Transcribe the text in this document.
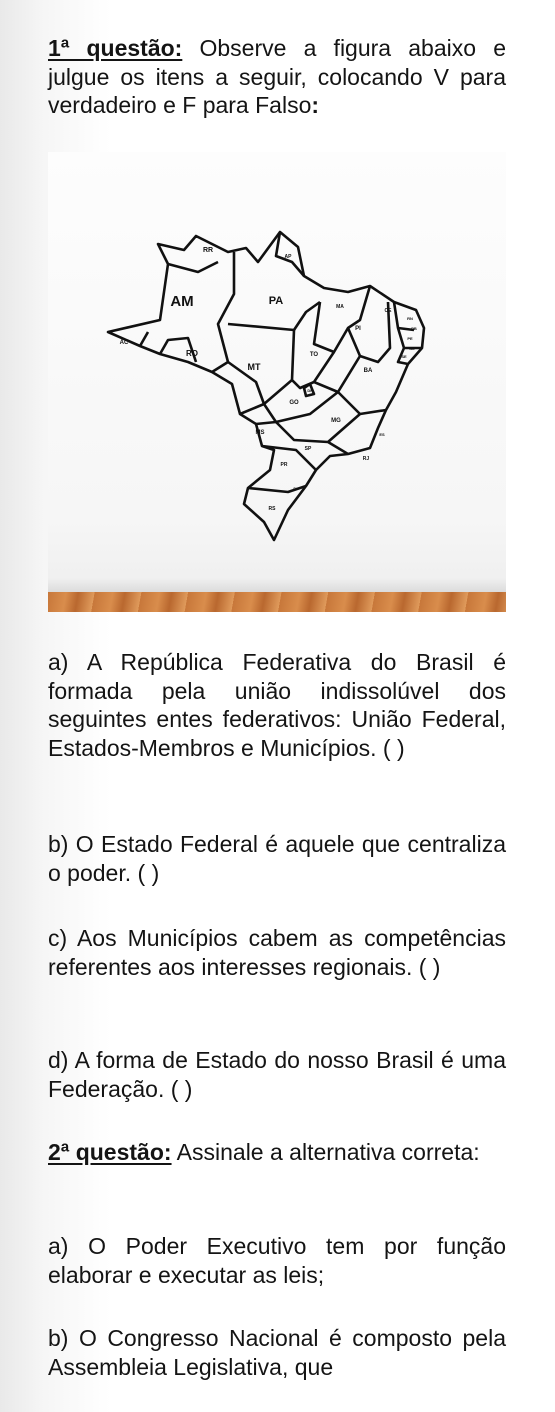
1ª questão: Observe a figura abaixo e julgue os itens a seguir, colocando V para verdadeiro e F para Falso:

RR
AP
AM	PA	MA
CE
RN
PB
PE
AL
SE
PI
AC
RO	TO
MT	BA
DF
GO
MG
ES
MS
SP
RJ
PR
SC
RS

a) A República Federativa do Brasil é formada pela união indissolúvel dos seguintes entes federativos: União Federal, Estados-Membros e Municípios. ( )

b) O Estado Federal é aquele que centraliza o poder. ( )

c) Aos Municípios cabem as competências referentes aos interesses regionais. ( )

d) A forma de Estado do nosso Brasil é uma Federação. ( )

2ª questão: Assinale a alternativa correta:

a) O Poder Executivo tem por função elaborar e executar as leis;

b) O Congresso Nacional é composto pela Assembleia Legislativa, que
